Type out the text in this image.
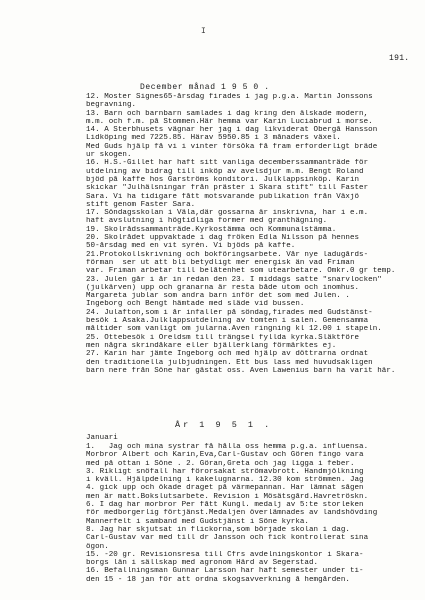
I
191.
December månad 1 9 5 0 .
12. Moster Signes65-årsdag firades i jag p.g.a. Martin Jonssons
begravning.
13. Barn och barnbarn samlades i dag kring den älskade modern,
m.m. och f.m. på Stommen.Här hemma var Karin Luciabrud i morse.
14. Å Sterbhusets vägnar her jag i dag likviderat Öbergå Hansson
Lidköping med 7225.85. Härav 5950.85 i 3 månaders växel.
Med Guds hjälp få vi i vinter försöka få fram erforderligt bräde
ur skogen.
16. H.S.-Gillet har haft sitt vanliga decemberssammanträde för
utdelning av bidrag till inköp av avelsdjur m.m. Bengt Roland
bjöd på kaffe hos Garströms konditori. Julklappsinköp. Karin
skickar "Julhälsningar från präster i Skara stift" till Faster
Sara. Vi ha tidigare fått motsvarande publikation från Växjö
stift genom Faster Sara.
17. Söndagsskolan i Väla,där gossarna är inskrivna, har i e.m.
haft avslutning i högtidliga former med granthägning.
19. Skolrådssammanträde.Kyrkostämma och Kommunalstämma.
20. Skolrådet uppvaktade i dag fröken Edla Nilsson på hennes
50-årsdag med en vit syrén. Vi bjöds på kaffe.
21.Protokollskrivning och bokföringsarbete. Vår nye ladugårds-
förman  ser ut att bli betydligt mer energisk än vad Friman
var. Friman arbetar till belåtenhet som utearbetare. Omkr.0 gr temp.
23. Julen går i år in redan den 23. I middags satte "snarvlocken"
(julkärven) upp och granarna är resta både utom och inomhus.
Margareta jublar som andra barn inför det som med Julen. .
Ingeborg och Bengt hämtade med släde vid bussen.
24. Julafton,som i år infaller på söndag,firades med Gudstänst-
besök i Åsaka.Julklappsutdelning av tomten i salen. Gemensamma
måltider som vanligt om jularna.Även ringning kl 12.00 i stapeln.
25. Ottebesök i Öreldsm till trängsel fyllda kyrka.Släktföre
men några skrindåkare eller bjällerklang förmärktes ej.
27. Karin har jämte Ingeborg och med hjälp av döttrarna ordnat
den traditionella julbjudningen. Ett bus lass med huvudsakligen
barn nere från Söne har gästat oss. Även Lawenius barn ha varit här.
År 1 9 5 1 .
Januari
1.   Jag och mina systrar få hålla oss hemma p.g.a. influensa.
Morbror Albert och Karin,Eva,Carl-Gustav och Gören fingo vara
med på ottan i Söne . 2. Göran,Greta och jag ligga i feber.
3. Rikligt snöfall har förorsakat strömavbrott. Handmjölkning
i kväll. Hjälpdelning i kakelugnarna. 12.30 kom strömmen. Jag
4. gick upp och ökade draget på värmepannan. Har lämnat sågen
men är matt.Bokslutsarbete. Revision i Mösätsgård.Havretröskn.
6. I dag har morbror Per fått Kungl. medalj av 5:te storleken
för medborgerlig förtjänst.Medaljen överlämnades av landshövding
Mannerfelt i samband med Gudstjänst i Söne kyrka.
8. Jag har skjutsat in flickorna,som började skolan i dag.
Carl-Gustav var med till dr Jansson och fick kontrollerat sina
ögon.
15. -20 gr. Revisionsresa till Cfrs avdelningskontor i Skara-
borgs län i sällskap med agronom Härd av Segerstad.
16. Befallningsman Gunnar Larsson har haft semester under ti-
den 15 - 18 jan för att ordna skogsavverkning å hemgården.
